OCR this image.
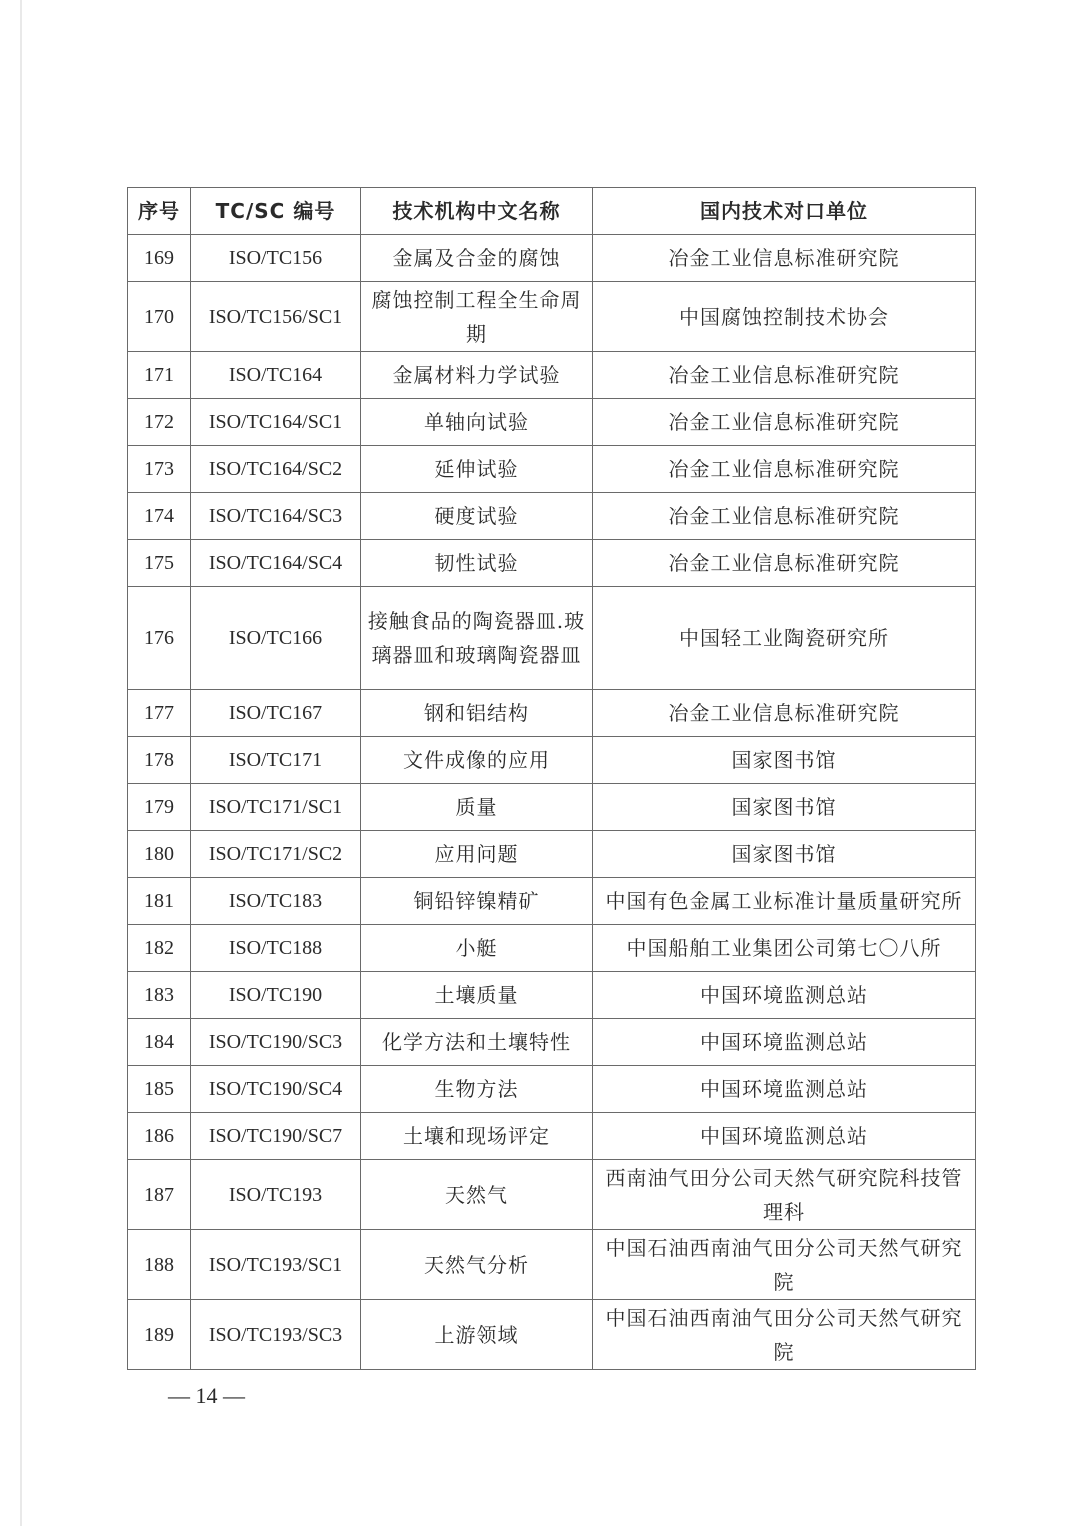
序号	TC/SC 编号	技术机构中文名称	国内技术对口单位
169	ISO/TC156	金属及合金的腐蚀	冶金工业信息标准研究院
170	ISO/TC156/SC1	腐蚀控制工程全生命周期	中国腐蚀控制技术协会
171	ISO/TC164	金属材料力学试验	冶金工业信息标准研究院
172	ISO/TC164/SC1	单轴向试验	冶金工业信息标准研究院
173	ISO/TC164/SC2	延伸试验	冶金工业信息标准研究院
174	ISO/TC164/SC3	硬度试验	冶金工业信息标准研究院
175	ISO/TC164/SC4	韧性试验	冶金工业信息标准研究院
176	ISO/TC166	接触食品的陶瓷器皿.玻璃器皿和玻璃陶瓷器皿	中国轻工业陶瓷研究所
177	ISO/TC167	钢和铝结构	冶金工业信息标准研究院
178	ISO/TC171	文件成像的应用	国家图书馆
179	ISO/TC171/SC1	质量	国家图书馆
180	ISO/TC171/SC2	应用问题	国家图书馆
181	ISO/TC183	铜铅锌镍精矿	中国有色金属工业标准计量质量研究所
182	ISO/TC188	小艇	中国船舶工业集团公司第七〇八所
183	ISO/TC190	土壤质量	中国环境监测总站
184	ISO/TC190/SC3	化学方法和土壤特性	中国环境监测总站
185	ISO/TC190/SC4	生物方法	中国环境监测总站
186	ISO/TC190/SC7	土壤和现场评定	中国环境监测总站
187	ISO/TC193	天然气	西南油气田分公司天然气研究院科技管理科
188	ISO/TC193/SC1	天然气分析	中国石油西南油气田分公司天然气研究院
189	ISO/TC193/SC3	上游领域	中国石油西南油气田分公司天然气研究院
— 14 —
